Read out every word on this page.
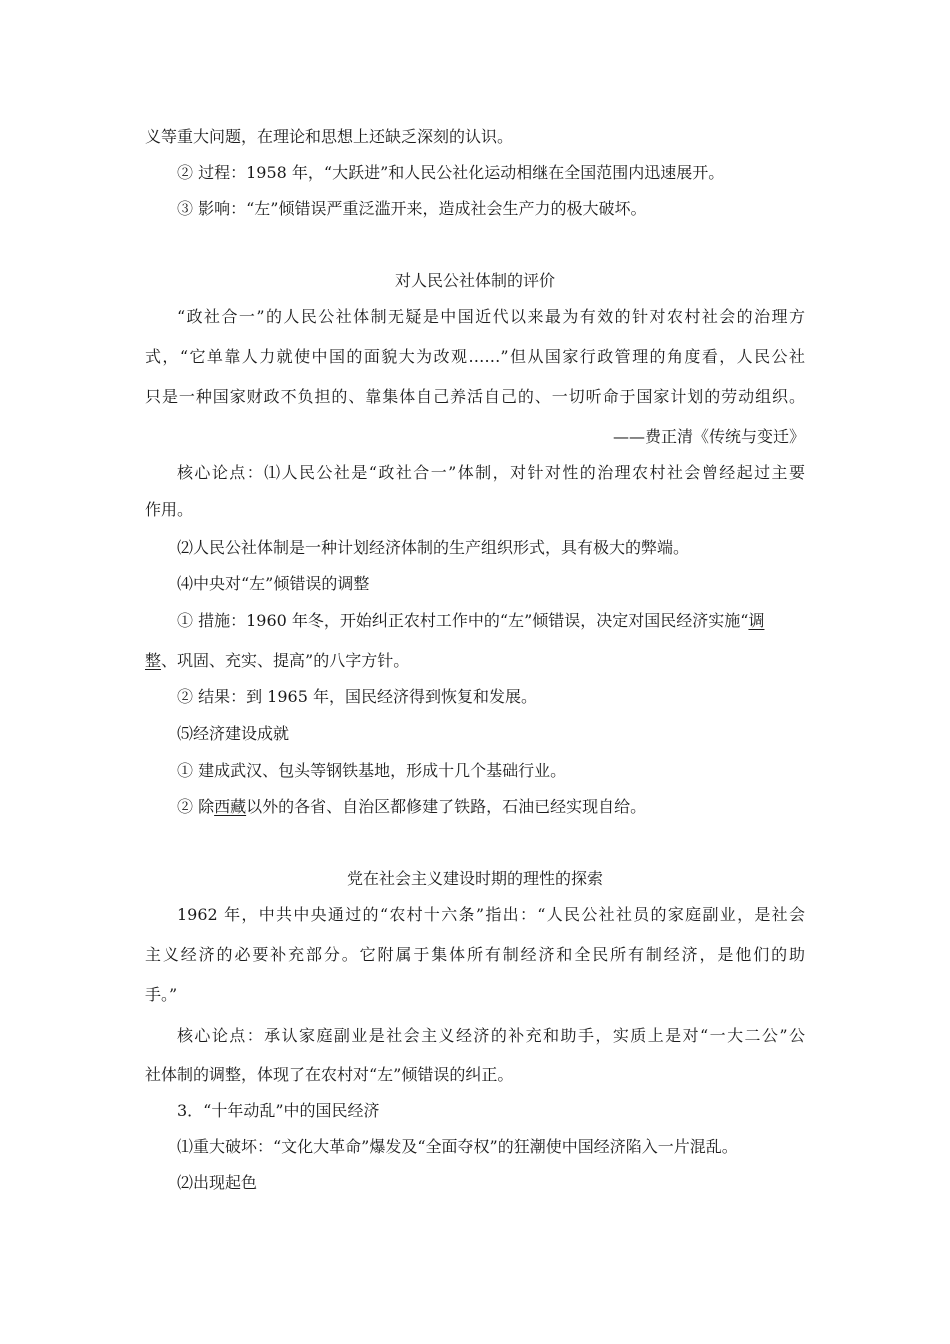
义等重大问题，在理论和思想上还缺乏深刻的认识。
② 过程：1958 年，“大跃进”和人民公社化运动相继在全国范围内迅速展开。
③ 影响：“左”倾错误严重泛滥开来，造成社会生产力的极大破坏。
对人民公社体制的评价
“政社合一”的人民公社体制无疑是中国近代以来最为有效的针对农村社会的治理方
式，“它单靠人力就使中国的面貌大为改观……”但从国家行政管理的角度看，人民公社
只是一种国家财政不负担的、靠集体自己养活自己的、一切听命于国家计划的劳动组织。
——费正清《传统与变迁》
核心论点：⑴人民公社是“政社合一”体制，对针对性的治理农村社会曾经起过主要
作用。
⑵人民公社体制是一种计划经济体制的生产组织形式，具有极大的弊端。
⑷中央对“左”倾错误的调整
① 措施：1960 年冬，开始纠正农村工作中的“左”倾错误，决定对国民经济实施“调
整、巩固、充实、提高”的八字方针。
② 结果：到 1965 年，国民经济得到恢复和发展。
⑸经济建设成就
① 建成武汉、包头等钢铁基地，形成十几个基础行业。
② 除西藏以外的各省、自治区都修建了铁路，石油已经实现自给。
党在社会主义建设时期的理性的探索
1962 年，中共中央通过的“农村十六条”指出：“人民公社社员的家庭副业，是社会
主义经济的必要补充部分。它附属于集体所有制经济和全民所有制经济，是他们的助
手。”
核心论点：承认家庭副业是社会主义经济的补充和助手，实质上是对“一大二公”公
社体制的调整，体现了在农村对“左”倾错误的纠正。
3．“十年动乱”中的国民经济
⑴重大破坏：“文化大革命”爆发及“全面夺权”的狂潮使中国经济陷入一片混乱。
⑵出现起色
